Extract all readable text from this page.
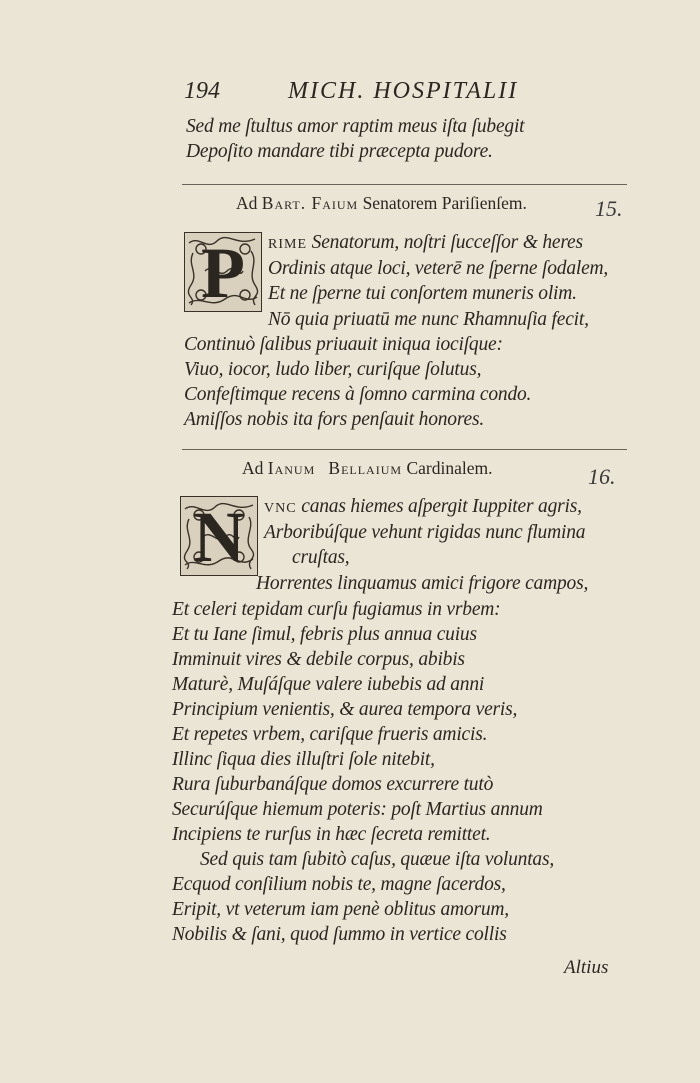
194	MICH. HOSPITALII
Sed me ſtultus amor raptim meus iſta ſubegit
Depoſito mandare tibi præcepta pudore.
Ad Bart. Faium Senatorem Pariſienſem.	15.
P	rime Senatorum, noſtri ſucceſſor & heres
Ordinis atque loci, veterē ne ſperne ſodalem,
Et ne ſperne tui conſortem muneris olim.
Nō quia priuatū me nunc Rhamnuſia fecit,
Continuò ſalibus priuauit iniqua iociſque:
Viuo, iocor, ludo liber, curiſque ſolutus,
Confeſtimque recens à ſomno carmina condo.
Amiſſos nobis ita fors penſauit honores.
Ad Ianum Bellaium Cardinalem.	16.
N vnc canas hiemes aſpergit Iuppiter agris,
Arboribúſque vehunt rigidas nunc flumina
cruſtas,
Horrentes linquamus amici frigore campos,
Et celeri tepidam curſu fugiamus in vrbem:
Et tu Iane ſimul, febris plus annua cuius
Imminuit vires & debile corpus, abibis
Maturè, Muſáſque valere iubebis ad anni
Principium venientis, & aurea tempora veris,
Et repetes vrbem, cariſque frueris amicis.
Illinc ſiqua dies illuſtri ſole nitebit,
Rura ſuburbanáſque domos excurrere tutò
Securúſque hiemum poteris: poſt Martius annum
Incipiens te rurſus in hæc ſecreta remittet.
Sed quis tam ſubitò caſus, quæue iſta voluntas,
Ecquod conſilium nobis te, magne ſacerdos,
Eripit, vt veterum iam penè oblitus amorum,
Nobilis & ſani, quod ſummo in vertice collis
Altius
